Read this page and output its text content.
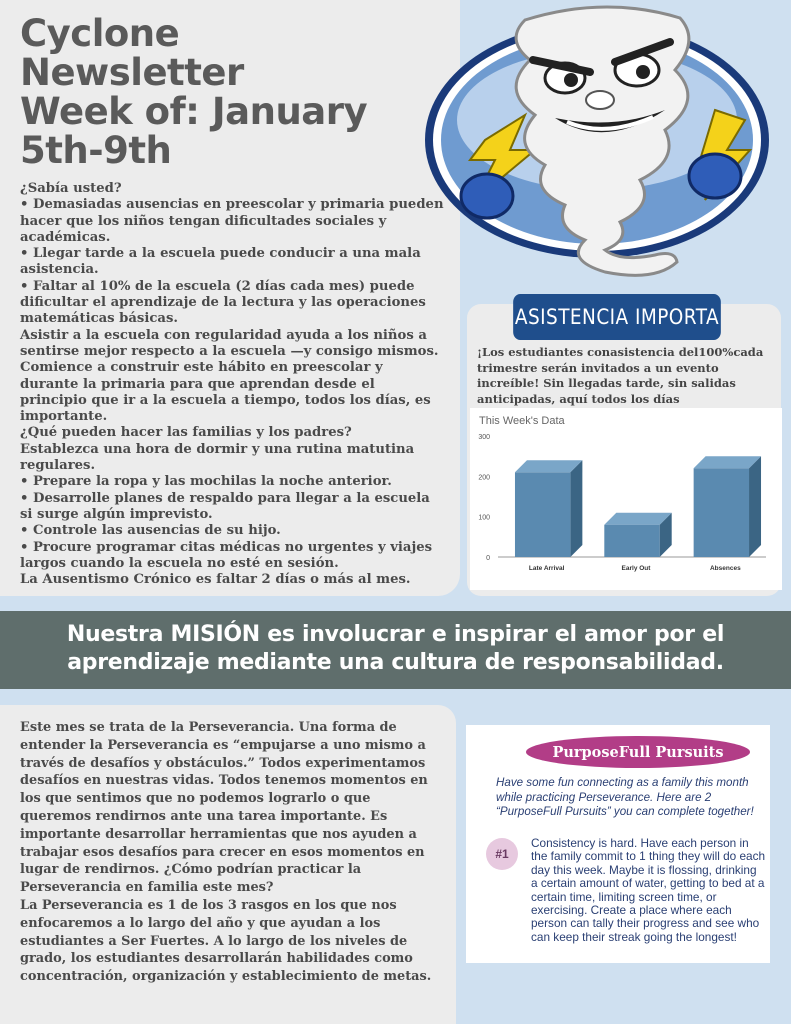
Cyclone
Newsletter
Week of: January
5th-9th

¿Sabía usted?

• Demasiadas ausencias en preescolar y primaria pueden hacer que los niños tengan dificultades sociales y académicas.

• Llegar tarde a la escuela puede conducir a una mala asistencia.

• Faltar al 10% de la escuela (2 días cada mes) puede dificultar el aprendizaje de la lectura y las operaciones matemáticas básicas.

Asistir a la escuela con regularidad ayuda a los niños a sentirse mejor respecto a la escuela —y consigo mismos. Comience a construir este hábito en preescolar y durante la primaria para que aprendan desde el principio que ir a la escuela a tiempo, todos los días, es importante.

¿Qué pueden hacer las familias y los padres?

Establezca una hora de dormir y una rutina matutina regulares.

• Prepare la ropa y las mochilas la noche anterior.

• Desarrolle planes de respaldo para llegar a la escuela si surge algún imprevisto.

• Controle las ausencias de su hijo.

• Procure programar citas médicas no urgentes y viajes largos cuando la escuela no esté en sesión.

La Ausentismo Crónico es faltar 2 días o más al mes.

ASISTENCIA IMPORTA
¡Los estudiantes conasistencia del100%cada trimestre serán invitados a un evento increíble! Sin llegadas tarde, sin salidas anticipadas, aquí todos los días
This Week's Data
0
100
200
300
Late Arrival	Early Out	Absences
Nuestra MISIÓN es involucrar e inspirar el amor por el aprendizaje mediante una cultura de responsabilidad.

Este mes se trata de la Perseverancia. Una forma de entender la Perseverancia es “empujarse a uno mismo a través de desafíos y obstáculos.” Todos experimentamos desafíos en nuestras vidas. Todos tenemos momentos en los que sentimos que no podemos lograrlo o que queremos rendirnos ante una tarea importante. Es importante desarrollar herramientas que nos ayuden a trabajar esos desafíos para crecer en esos momentos en lugar de rendirnos. ¿Cómo podrían practicar la Perseverancia en familia este mes?

La Perseverancia es 1 de los 3 rasgos en los que nos enfocaremos a lo largo del año y que ayudan a los estudiantes a Ser Fuertes. A lo largo de los niveles de grado, los estudiantes desarrollarán habilidades como concentración, organización y establecimiento de metas.

PurposeFull Pursuits
Have some fun connecting as a family this month while practicing Perseverance. Here are 2 “PurposeFull Pursuits” you can complete together!
#1
Consistency is hard. Have each person in the family commit to 1 thing they will do each day this week. Maybe it is flossing, drinking a certain amount of water, getting to bed at a certain time, limiting screen time, or exercising. Create a place where each person can tally their progress and see who can keep their streak going the longest!
